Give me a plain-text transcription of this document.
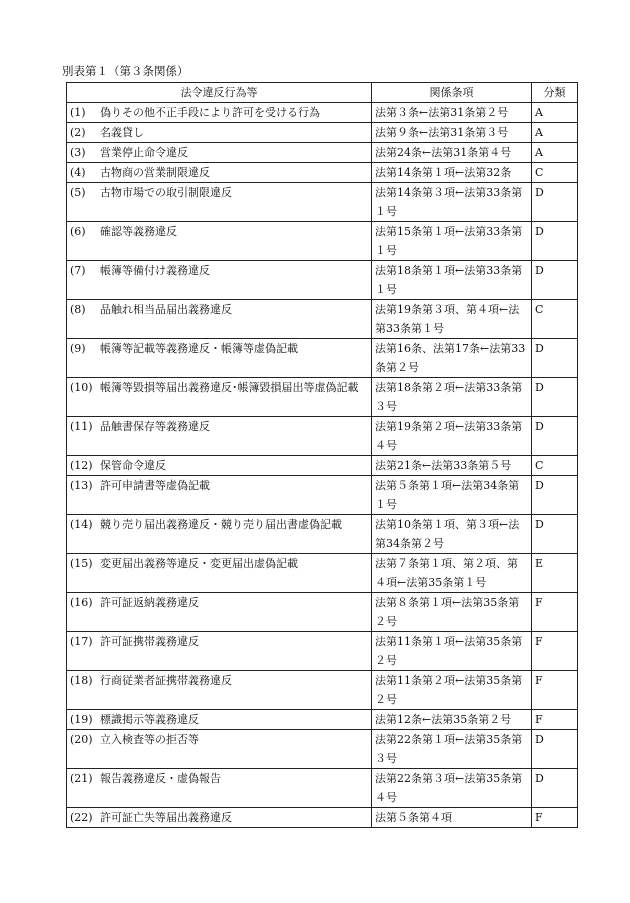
別表第１（第３条関係）
法令違反行為等	関係条項	分類
(1) 偽りその他不正手段により許可を受ける行為	法第３条←法第31条第２号	A
(2) 名義貸し	法第９条←法第31条第３号	A
(3) 営業停止命令違反	法第24条←法第31条第４号	A
(4) 古物商の営業制限違反	法第14条第１項←法第32条	C
(5) 古物市場での取引制限違反	法第14条第３項←法第33条第１号	D
(6) 確認等義務違反	法第15条第１項←法第33条第１号	D
(7) 帳簿等備付け義務違反	法第18条第１項←法第33条第１号	D
(8) 品触れ相当品届出義務違反	法第19条第３項、第４項←法第33条第１号	C
(9) 帳簿等記載等義務違反・帳簿等虚偽記載	法第16条、法第17条←法第33条第２号	D
(10) 帳簿等毀損等届出義務違反･帳簿毀損届出等虚偽記載	法第18条第２項←法第33条第３号	D
(11) 品触書保存等義務違反	法第19条第２項←法第33条第４号	D
(12) 保管命令違反	法第21条←法第33条第５号	C
(13) 許可申請書等虚偽記載	法第５条第１項←法第34条第１号	D
(14) 競り売り届出義務違反・競り売り届出書虚偽記載	法第10条第１項、第３項←法第34条第２号	D
(15) 変更届出義務等違反・変更届出虚偽記載	法第７条第１項、第２項、第４項←法第35条第１号	E
(16) 許可証返納義務違反	法第８条第１項←法第35条第２号	F
(17) 許可証携帯義務違反	法第11条第１項←法第35条第２号	F
(18) 行商従業者証携帯義務違反	法第11条第２項←法第35条第２号	F
(19) 標識掲示等義務違反	法第12条←法第35条第２号	F
(20) 立入検査等の拒否等	法第22条第１項←法第35条第３号	D
(21) 報告義務違反・虚偽報告	法第22条第３項←法第35条第４号	D
(22) 許可証亡失等届出義務違反	法第５条第４項	F
